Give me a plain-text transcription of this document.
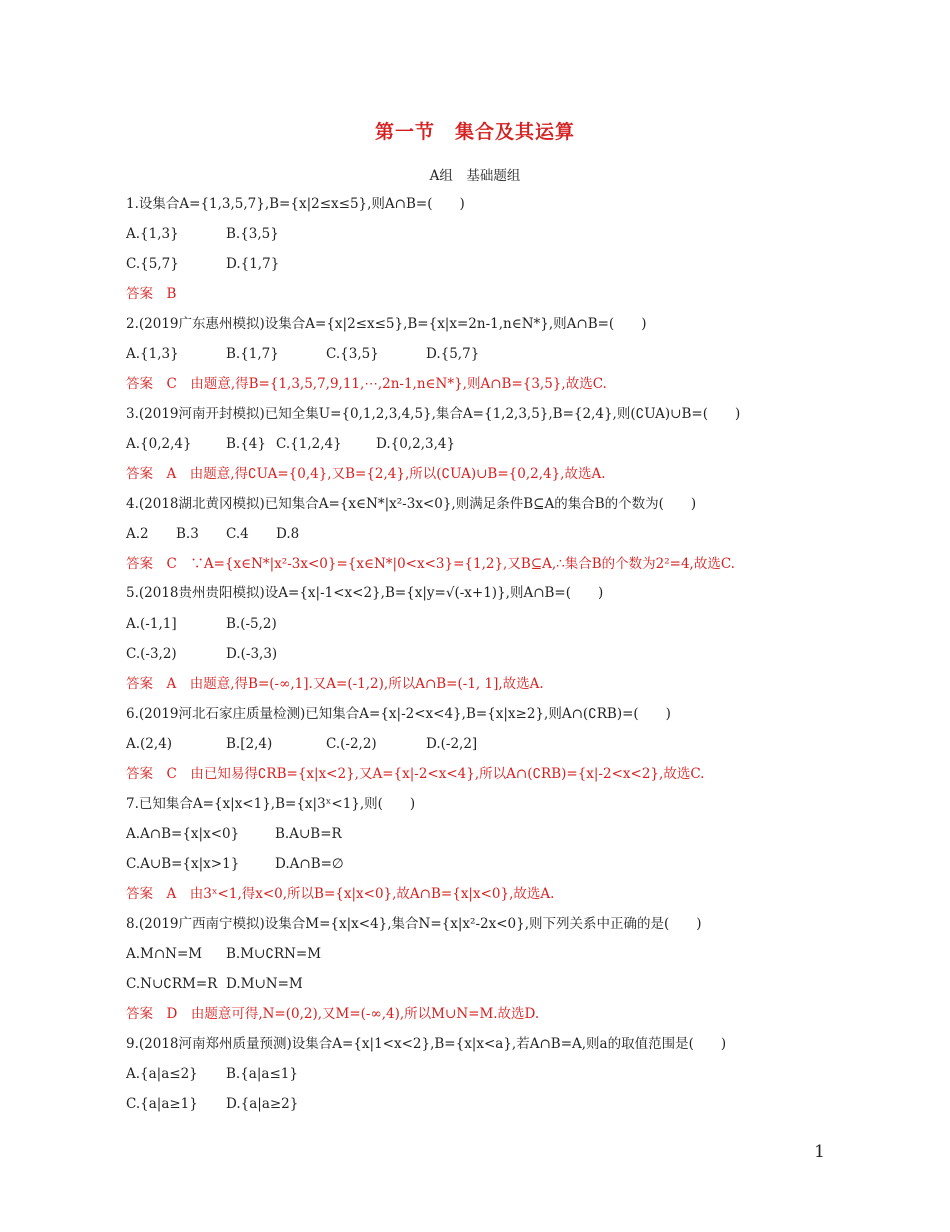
第一节　集合及其运算
A组　基础题组
1.设集合A={1,3,5,7},B={x|2≤x≤5},则A∩B=(　　)
A.{1,3}	B.{3,5}
C.{5,7}	D.{1,7}
答案　B
2.(2019广东惠州模拟)设集合A={x|2≤x≤5},B={x|x=2n-1,n∈N*},则A∩B=(　　)
A.{1,3}	B.{1,7}	C.{3,5}	D.{5,7}
答案　C　由题意,得B={1,3,5,7,9,11,⋯,2n-1,n∈N*},则A∩B={3,5},故选C.
3.(2019河南开封模拟)已知全集U={0,1,2,3,4,5},集合A={1,2,3,5},B={2,4},则(∁UA)∪B=(　　)
A.{0,2,4}	B.{4} C.{1,2,4}	D.{0,2,3,4}
答案　A　由题意,得∁UA={0,4},又B={2,4},所以(∁UA)∪B={0,2,4},故选A.
4.(2018湖北黄冈模拟)已知集合A={x∈N*|x²-3x<0},则满足条件B⊆A的集合B的个数为(　　)
A.2 B.3 C.4 D.8
答案　C　∵A={x∈N*|x²-3x<0}={x∈N*|0<x<3}={1,2},又B⊆A,∴集合B的个数为2²=4,故选C.
5.(2018贵州贵阳模拟)设A={x|-1<x<2},B={x|y=√(-x+1)},则A∩B=(　　)
A.(-1,1]	B.(-5,2)
C.(-3,2)	D.(-3,3)
答案　A　由题意,得B=(-∞,1].又A=(-1,2),所以A∩B=(-1, 1],故选A.
6.(2019河北石家庄质量检测)已知集合A={x|-2<x<4},B={x|x≥2},则A∩(∁RB)=(　　)
A.(2,4)	B.[2,4)	C.(-2,2)	D.(-2,2]
答案　C　由已知易得∁RB={x|x<2},又A={x|-2<x<4},所以A∩(∁RB)={x|-2<x<2},故选C.
7.已知集合A={x|x<1},B={x|3ˣ<1},则(　　)
A.A∩B={x|x<0}	B.A∪B=R
C.A∪B={x|x>1}	D.A∩B=∅
答案　A　由3ˣ<1,得x<0,所以B={x|x<0},故A∩B={x|x<0},故选A.
8.(2019广西南宁模拟)设集合M={x|x<4},集合N={x|x²-2x<0},则下列关系中正确的是(　　)
A.M∩N=M B.M∪∁RN=M
C.N∪∁RM=R D.M∪N=M
答案　D　由题意可得,N=(0,2),又M=(-∞,4),所以M∪N=M.故选D.
9.(2018河南郑州质量预测)设集合A={x|1<x<2},B={x|x<a},若A∩B=A,则a的取值范围是(　　)
A.{a|a≤2} B.{a|a≤1}
C.{a|a≥1} D.{a|a≥2}
1
